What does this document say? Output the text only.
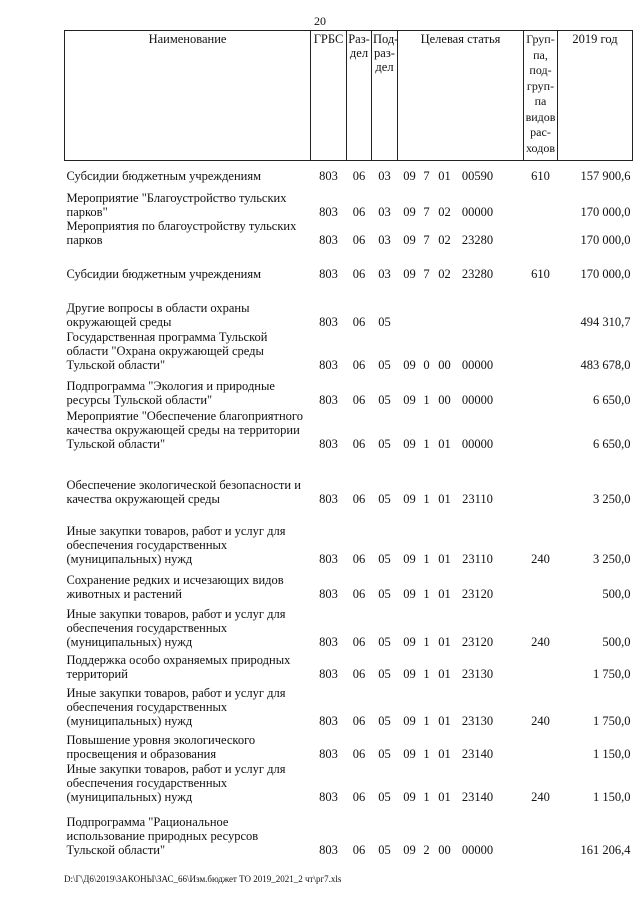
20
Наименование	ГРБС	Раз-дел	Под-раз-дел	Целевая статья	Груп-па, под-груп-па видов рас-ходов	2019 год
Субсидии бюджетным учреждениям	803	06	03	09 7 01 00590	610	157 900,6
Мероприятие "Благоустройство тульских парков"	803	06	03	09 7 02 00000		170 000,0
Мероприятия по благоустройству тульских парков	803	06	03	09 7 02 23280		170 000,0
Субсидии бюджетным учреждениям	803	06	03	09 7 02 23280	610	170 000,0
Другие вопросы в области охраны окружающей среды	803	06	05			494 310,7
Государственная программа Тульской области "Охрана окружающей среды Тульской области"	803	06	05	09 0 00 00000		483 678,0
Подпрограмма "Экология и природные ресурсы Тульской области"	803	06	05	09 1 00 00000		6 650,0
Мероприятие "Обеспечение благоприятного качества окружающей среды на территории Тульской области"	803	06	05	09 1 01 00000		6 650,0
Обеспечение экологической безопасности и качества окружающей среды	803	06	05	09 1 01 23110		3 250,0
Иные закупки товаров, работ и услуг для обеспечения государственных (муниципальных) нужд	803	06	05	09 1 01 23110	240	3 250,0
Сохранение редких и исчезающих видов животных и растений	803	06	05	09 1 01 23120		500,0
Иные закупки товаров, работ и услуг для обеспечения государственных (муниципальных) нужд	803	06	05	09 1 01 23120	240	500,0
Поддержка особо охраняемых природных территорий	803	06	05	09 1 01 23130		1 750,0
Иные закупки товаров, работ и услуг для обеспечения государственных (муниципальных) нужд	803	06	05	09 1 01 23130	240	1 750,0
Повышение уровня экологического просвещения и образования	803	06	05	09 1 01 23140		1 150,0
Иные закупки товаров, работ и услуг для обеспечения государственных (муниципальных) нужд	803	06	05	09 1 01 23140	240	1 150,0
Подпрограмма "Рациональное использование природных ресурсов Тульской области"	803	06	05	09 2 00 00000		161 206,4
D:\Г\Д6\2019\ЗАКОНЫ\ЗАС_66\Изм.бюджет ТО 2019_2021_2 чт\рг7.xls
